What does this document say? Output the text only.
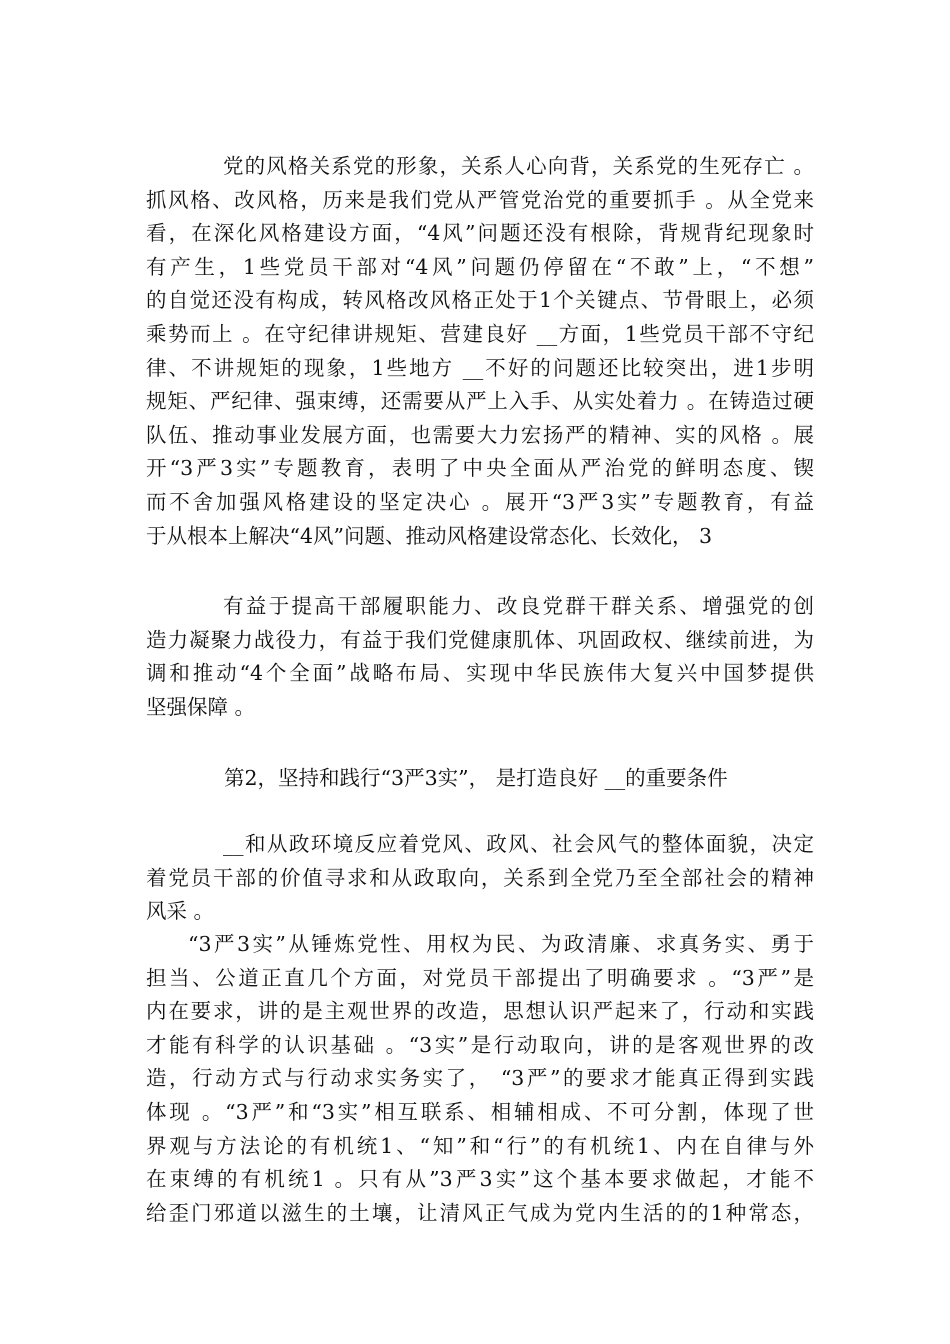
党的风格关系党的形象，关系人心向背，关系党的生死存亡 。
抓风格、改风格，历来是我们党从严管党治党的重要抓手 。从全党来
看，在深化风格建设方面，“4风”问题还没有根除，背规背纪现象时
有产生，1些党员干部对“4风”问题仍停留在“不敢”上，“不想”
的自觉还没有构成，转风格改风格正处于1个关键点、节骨眼上，必须
乘势而上 。在守纪律讲规矩、营建良好 __方面，1些党员干部不守纪
律、不讲规矩的现象，1些地方 __不好的问题还比较突出，进1步明
规矩、严纪律、强束缚，还需要从严上入手、从实处着力 。在铸造过硬
队伍、推动事业发展方面，也需要大力宏扬严的精神、实的风格 。展
开“3严3实”专题教育，表明了中央全面从严治党的鲜明态度、锲
而不舍加强风格建设的坚定决心 。展开“3严3实”专题教育，有益
于从根本上解决“4风”问题、推动风格建设常态化、长效化， 3
有益于提高干部履职能力、改良党群干群关系、增强党的创
造力凝聚力战役力，有益于我们党健康肌体、巩固政权、继续前进，为
调和推动“4个全面”战略布局、实现中华民族伟大复兴中国梦提供
坚强保障 。
第2，坚持和践行“3严3实”， 是打造良好 __的重要条件
__和从政环境反应着党风、政风、社会风气的整体面貌，决定
着党员干部的价值寻求和从政取向，关系到全党乃至全部社会的精神
风采 。
“3严3实”从锤炼党性、用权为民、为政清廉、求真务实、勇于
担当、公道正直几个方面，对党员干部提出了明确要求 。“3严”是
内在要求，讲的是主观世界的改造，思想认识严起来了，行动和实践
才能有科学的认识基础 。“3实”是行动取向，讲的是客观世界的改
造，行动方式与行动求实务实了， “3严”的要求才能真正得到实践
体现 。“3严”和“3实”相互联系、相辅相成、不可分割，体现了世
界观与方法论的有机统1、“知”和“行”的有机统1、内在自律与外
在束缚的有机统1 。只有从”3严3实”这个基本要求做起，才能不
给歪门邪道以滋生的土壤，让清风正气成为党内生活的的1种常态，
